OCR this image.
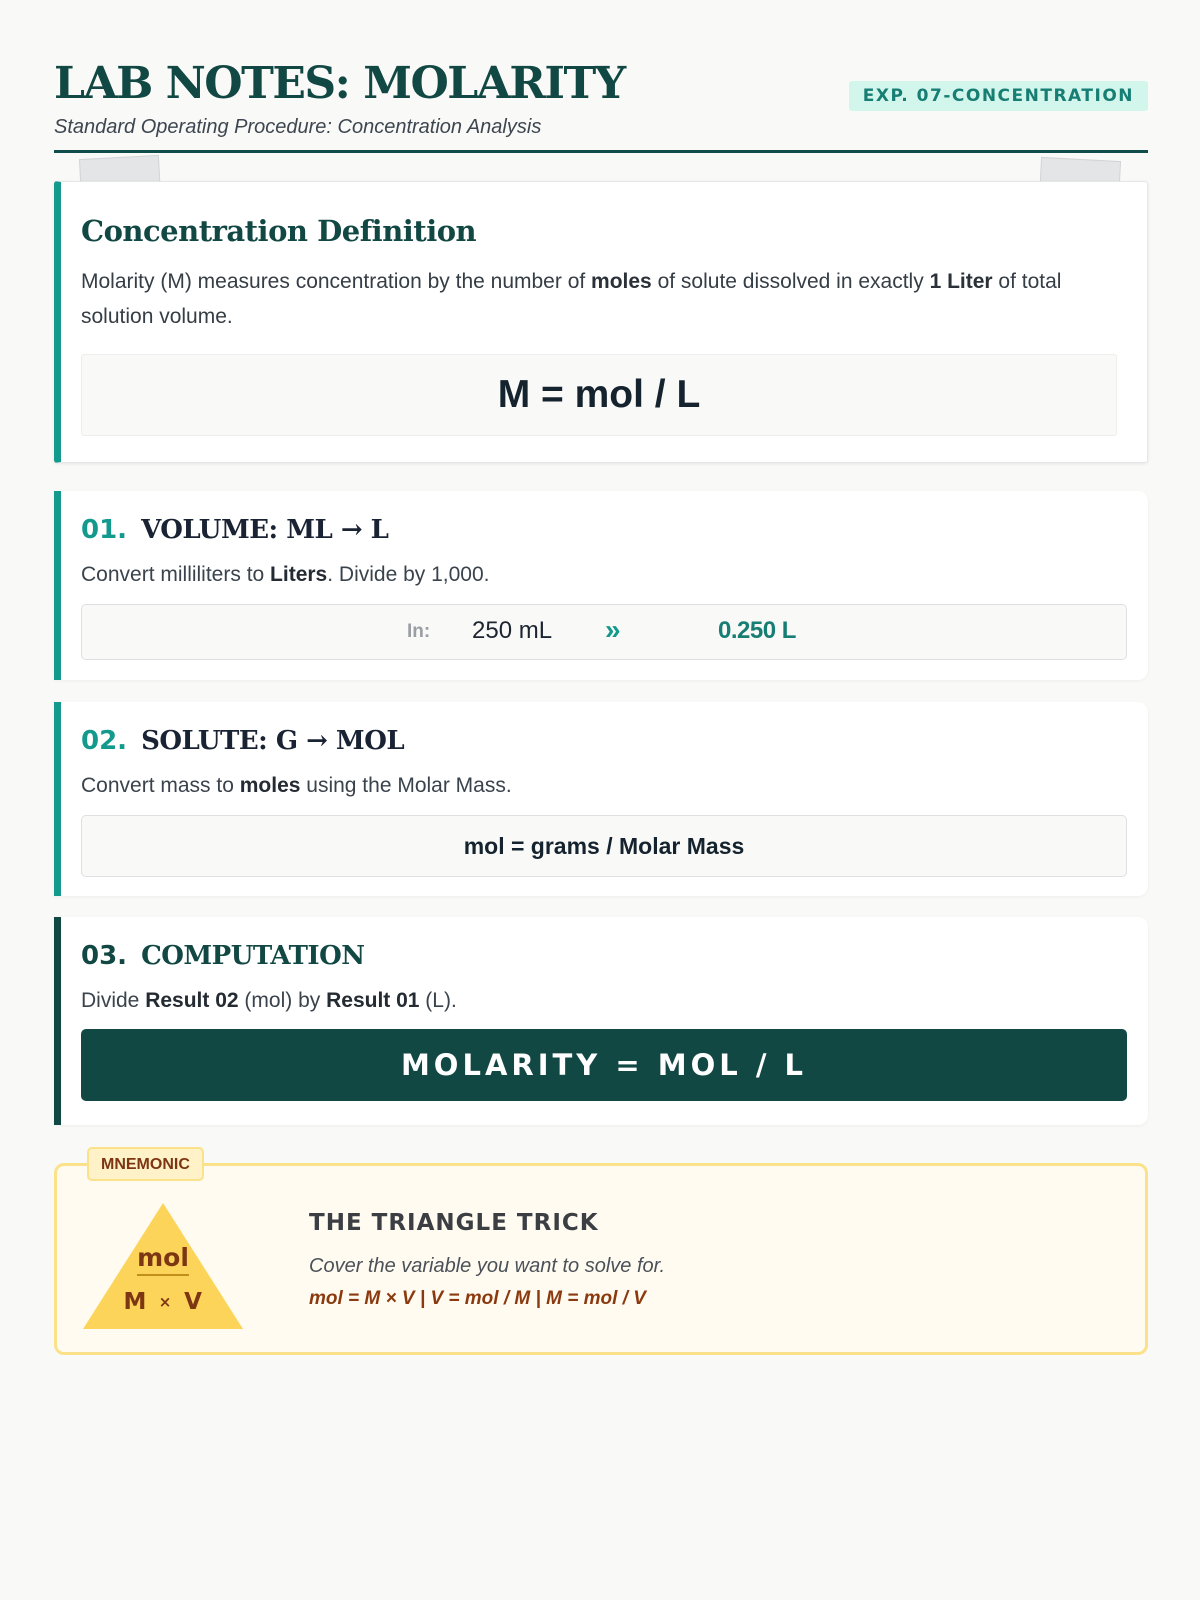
LAB NOTES: MOLARITY
Standard Operating Procedure: Concentration Analysis
EXP. 07-CONCENTRATION
Concentration Definition
Molarity (M) measures concentration by the number of moles of solute dissolved in exactly 1 Liter of total solution volume.
M = mol / L
01. VOLUME: ML → L
Convert milliliters to Liters. Divide by 1,000.
In: 250 mL »	0.250 L
02. SOLUTE: G → MOL
Convert mass to moles using the Molar Mass.
mol = grams / Molar Mass
03. COMPUTATION
Divide Result 02 (mol) by Result 01 (L).
MOLARITY = MOL / L
MNEMONIC
mol
M × V
THE TRIANGLE TRICK
Cover the variable you want to solve for.
mol = M × V | V = mol / M | M = mol / V
